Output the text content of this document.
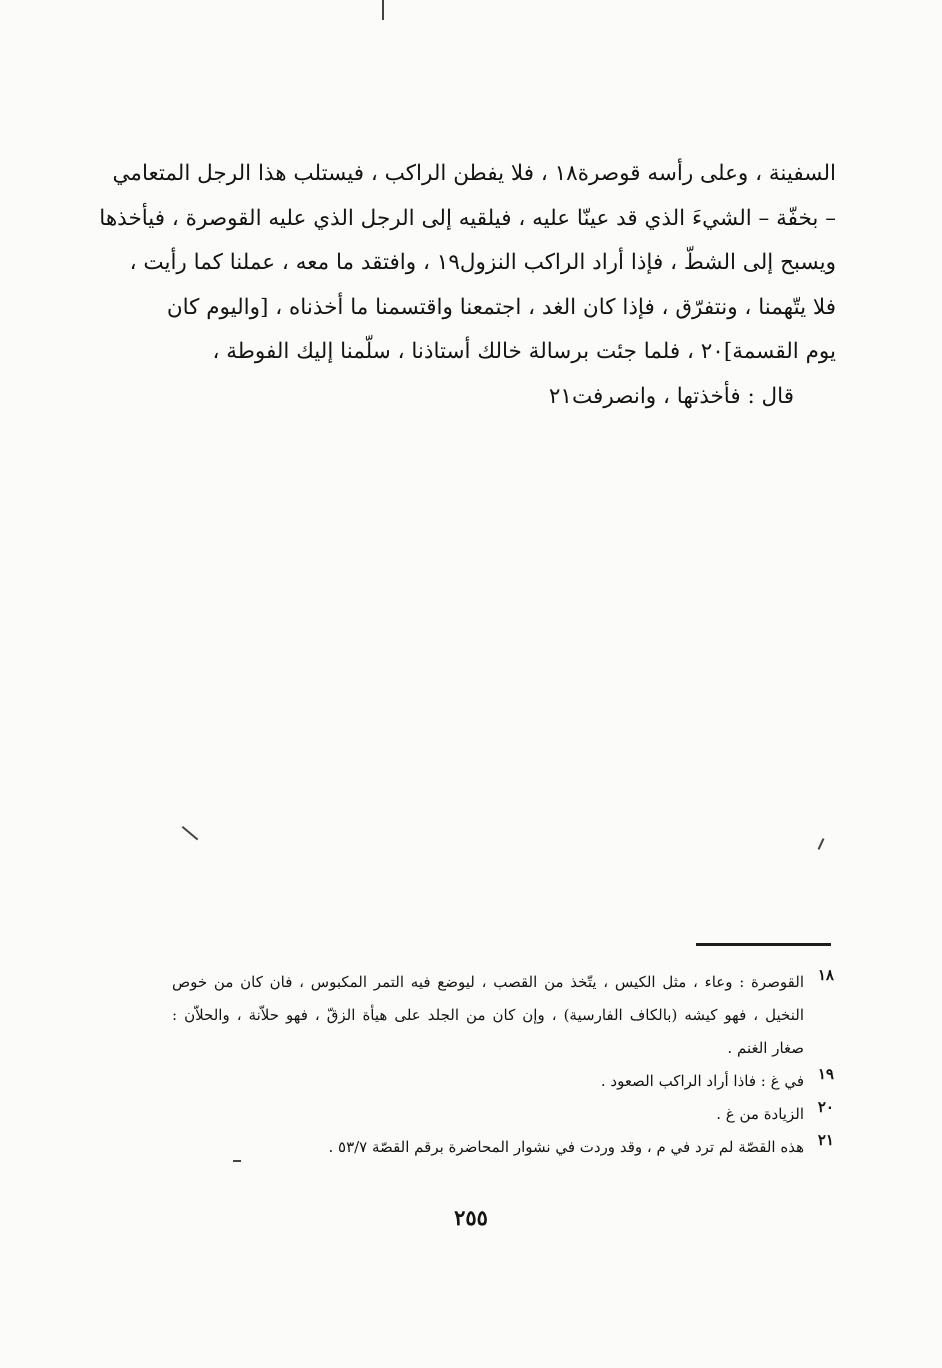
السفينة ، وعلى رأسه قوصرة١٨ ، فلا يفطن الراكب ، فيستلب هذا الرجل المتعامي
– بخفّة – الشيءَ الذي قد عينّا عليه ، فيلقيه إلى الرجل الذي عليه القوصرة ، فيأخذها
ويسبح إلى الشطّ ، فإذا أراد الراكب النزول١٩ ، وافتقد ما معه ، عملنا كما رأيت ،
فلا يتّهمنا ، ونتفرّق ، فإذا كان الغد ، اجتمعنا واقتسمنا ما أخذناه ، [واليوم كان
يوم القسمة]٢٠ ، فلما جئت برسالة خالك أستاذنا ، سلّمنا إليك الفوطة ،
قال : فأخذتها ، وانصرفت٢١
١٨
القوصرة : وعاء ، مثل الكيس ، يتّخذ من القصب ، ليوضع فيه التمر المكبوس ، فان كان من خوص
النخيل ، فهو كيشه (بالكاف الفارسية) ، وإن كان من الجلد على هيأة الزقّ ، فهو حلاّنة ، والحلاّن :
صغار الغنم .
١٩
في غ : فاذا أراد الراكب الصعود .
٢٠
الزيادة من غ .
٢١
هذه القصّة لم ترد في م ، وقد وردت في نشوار المحاضرة برقم القصّة ٥٣/٧ .
٢٥٥
